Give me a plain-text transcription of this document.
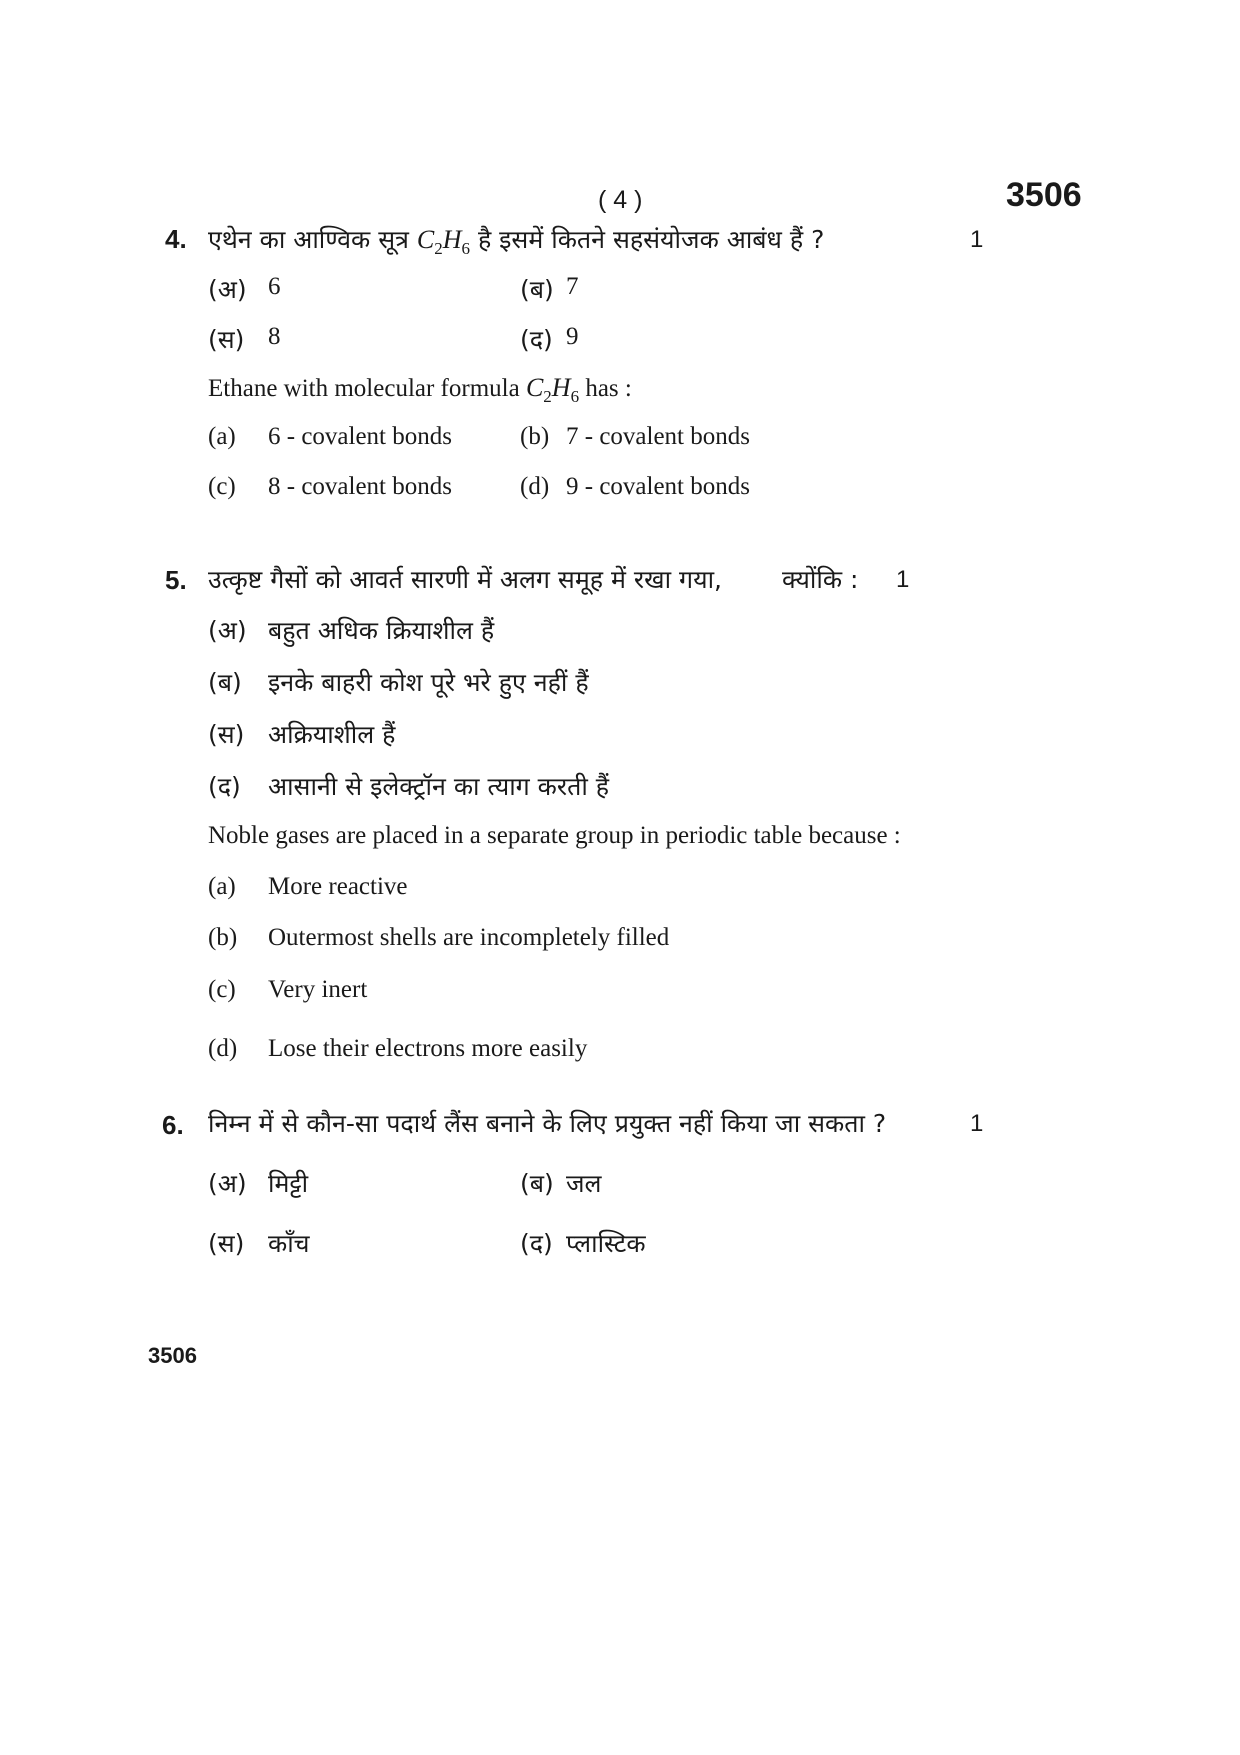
( 4 )	3506
4. एथेन का आण्विक सूत्र $C_2H_6$ है इसमें कितने सहसंयोजक आबंध हैं ?	1
(अ) 6	(ब) 7
(स) 8	(द) 9
Ethane with molecular formula $C_2H_6$ has :
(a) 6 - covalent bonds	(b) 7 - covalent bonds
(c) 8 - covalent bonds	(d) 9 - covalent bonds
5. उत्कृष्ट गैसों को आवर्त सारणी में अलग समूह में रखा गया, क्योंकि : 1
(अ) बहुत अधिक क्रियाशील हैं
(ब) इनके बाहरी कोश पूरे भरे हुए नहीं हैं
(स) अक्रियाशील हैं
(द) आसानी से इलेक्ट्रॉन का त्याग करती हैं
Noble gases are placed in a separate group in periodic table because :
(a) More reactive
(b) Outermost shells are incompletely filled
(c) Very inert
(d) Lose their electrons more easily
6. निम्न में से कौन-सा पदार्थ लैंस बनाने के लिए प्रयुक्त नहीं किया जा सकता ?	1
(अ) मिट्टी	(ब) जल
(स) काँच	(द) प्लास्टिक
3506
